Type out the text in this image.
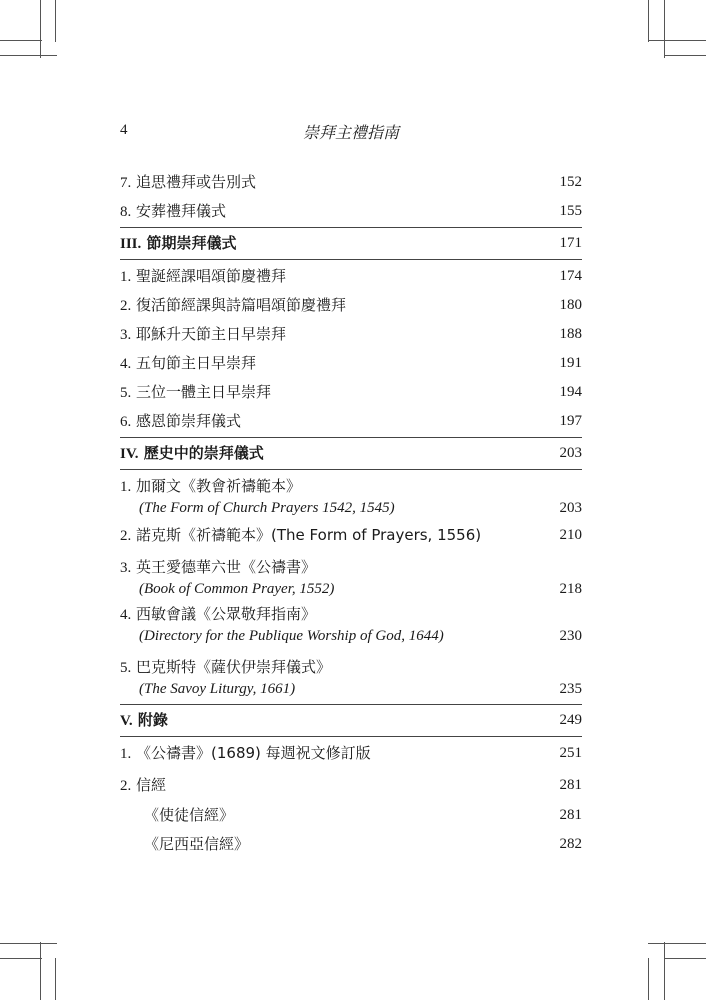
4	崇拜主禮指南
7. 追思禮拜或告別式	152
8. 安葬禮拜儀式	155
III. 節期崇拜儀式	171
1. 聖誕經課唱頌節慶禮拜	174
2. 復活節經課與詩篇唱頌節慶禮拜	180
3. 耶穌升天節主日早崇拜	188
4. 五旬節主日早崇拜	191
5. 三位一體主日早崇拜	194
6. 感恩節崇拜儀式	197
IV. 歷史中的崇拜儀式	203
1. 加爾文《教會祈禱範本》
(The Form of Church Prayers 1542, 1545)	203
2. 諾克斯《祈禱範本》(The Form of Prayers, 1556)	210
3. 英王愛德華六世《公禱書》
(Book of Common Prayer, 1552)	218
4. 西敏會議《公眾敬拜指南》
(Directory for the Publique Worship of God, 1644)	230
5. 巴克斯特《薩伏伊崇拜儀式》
(The Savoy Liturgy, 1661)	235
V. 附錄	249
1. 《公禱書》(1689) 每週祝文修訂版	251
2. 信經	281
《使徒信經》	281
《尼西亞信經》	282
